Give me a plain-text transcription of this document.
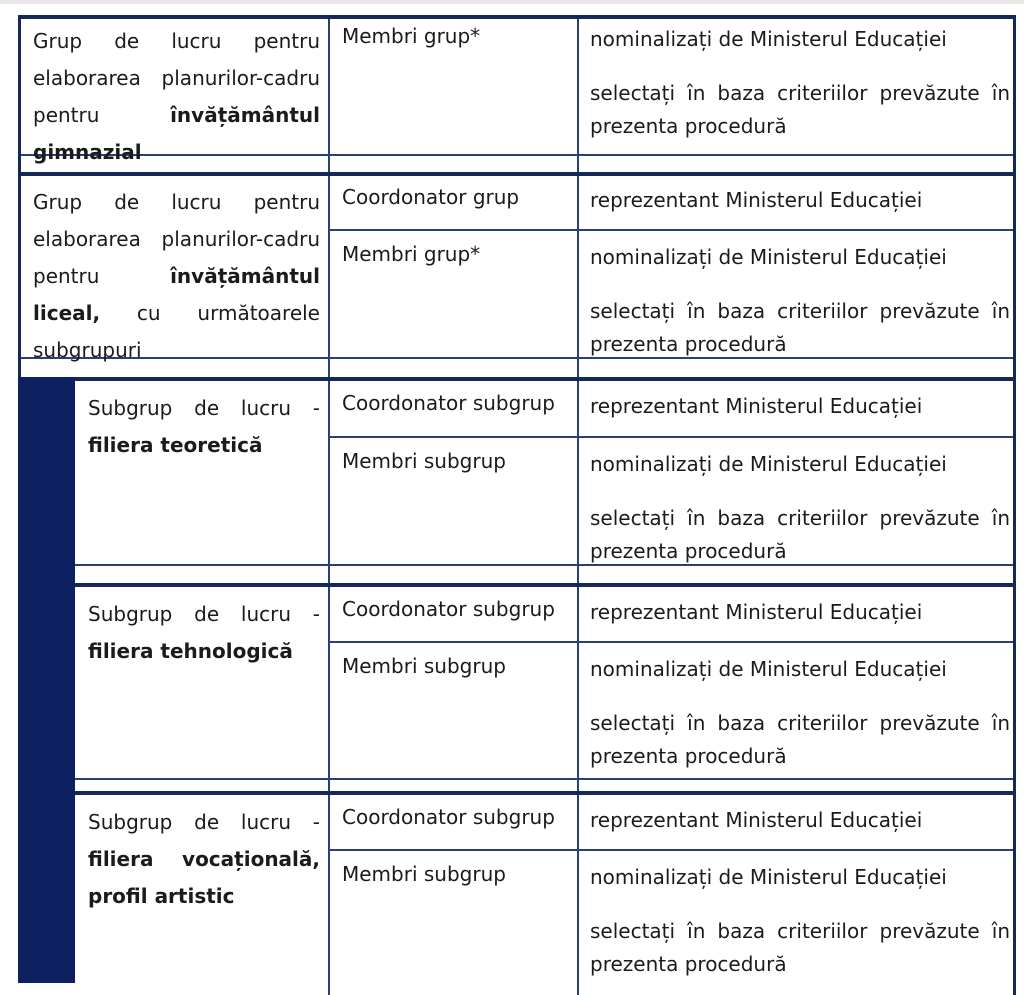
Grup de lucru pentru elaborarea planurilor-cadru pentru învățământul gimnazial
Membri grup*	nominalizați de Ministerul Educației

selectați în baza criteriilor prevăzute în prezenta procedură

Grup de lucru pentru elaborarea planurilor-cadru pentru învățământul liceal, cu următoarele subgrupuri
Coordonator grup	reprezentant Ministerul Educației

Membri grup*	nominalizați de Ministerul Educației

selectați în baza criteriilor prevăzute în prezenta procedură

Subgrup de lucru - filiera teoretică
Coordonator subgrup	reprezentant Ministerul Educației

Membri subgrup	nominalizați de Ministerul Educației

selectați în baza criteriilor prevăzute în prezenta procedură

Subgrup de lucru - filiera tehnologică
Coordonator subgrup	reprezentant Ministerul Educației

Membri subgrup	nominalizați de Ministerul Educației

selectați în baza criteriilor prevăzute în prezenta procedură

Subgrup de lucru - filiera vocațională, profil artistic
Coordonator subgrup	reprezentant Ministerul Educației

Membri subgrup	nominalizați de Ministerul Educației

selectați în baza criteriilor prevăzute în prezenta procedură
